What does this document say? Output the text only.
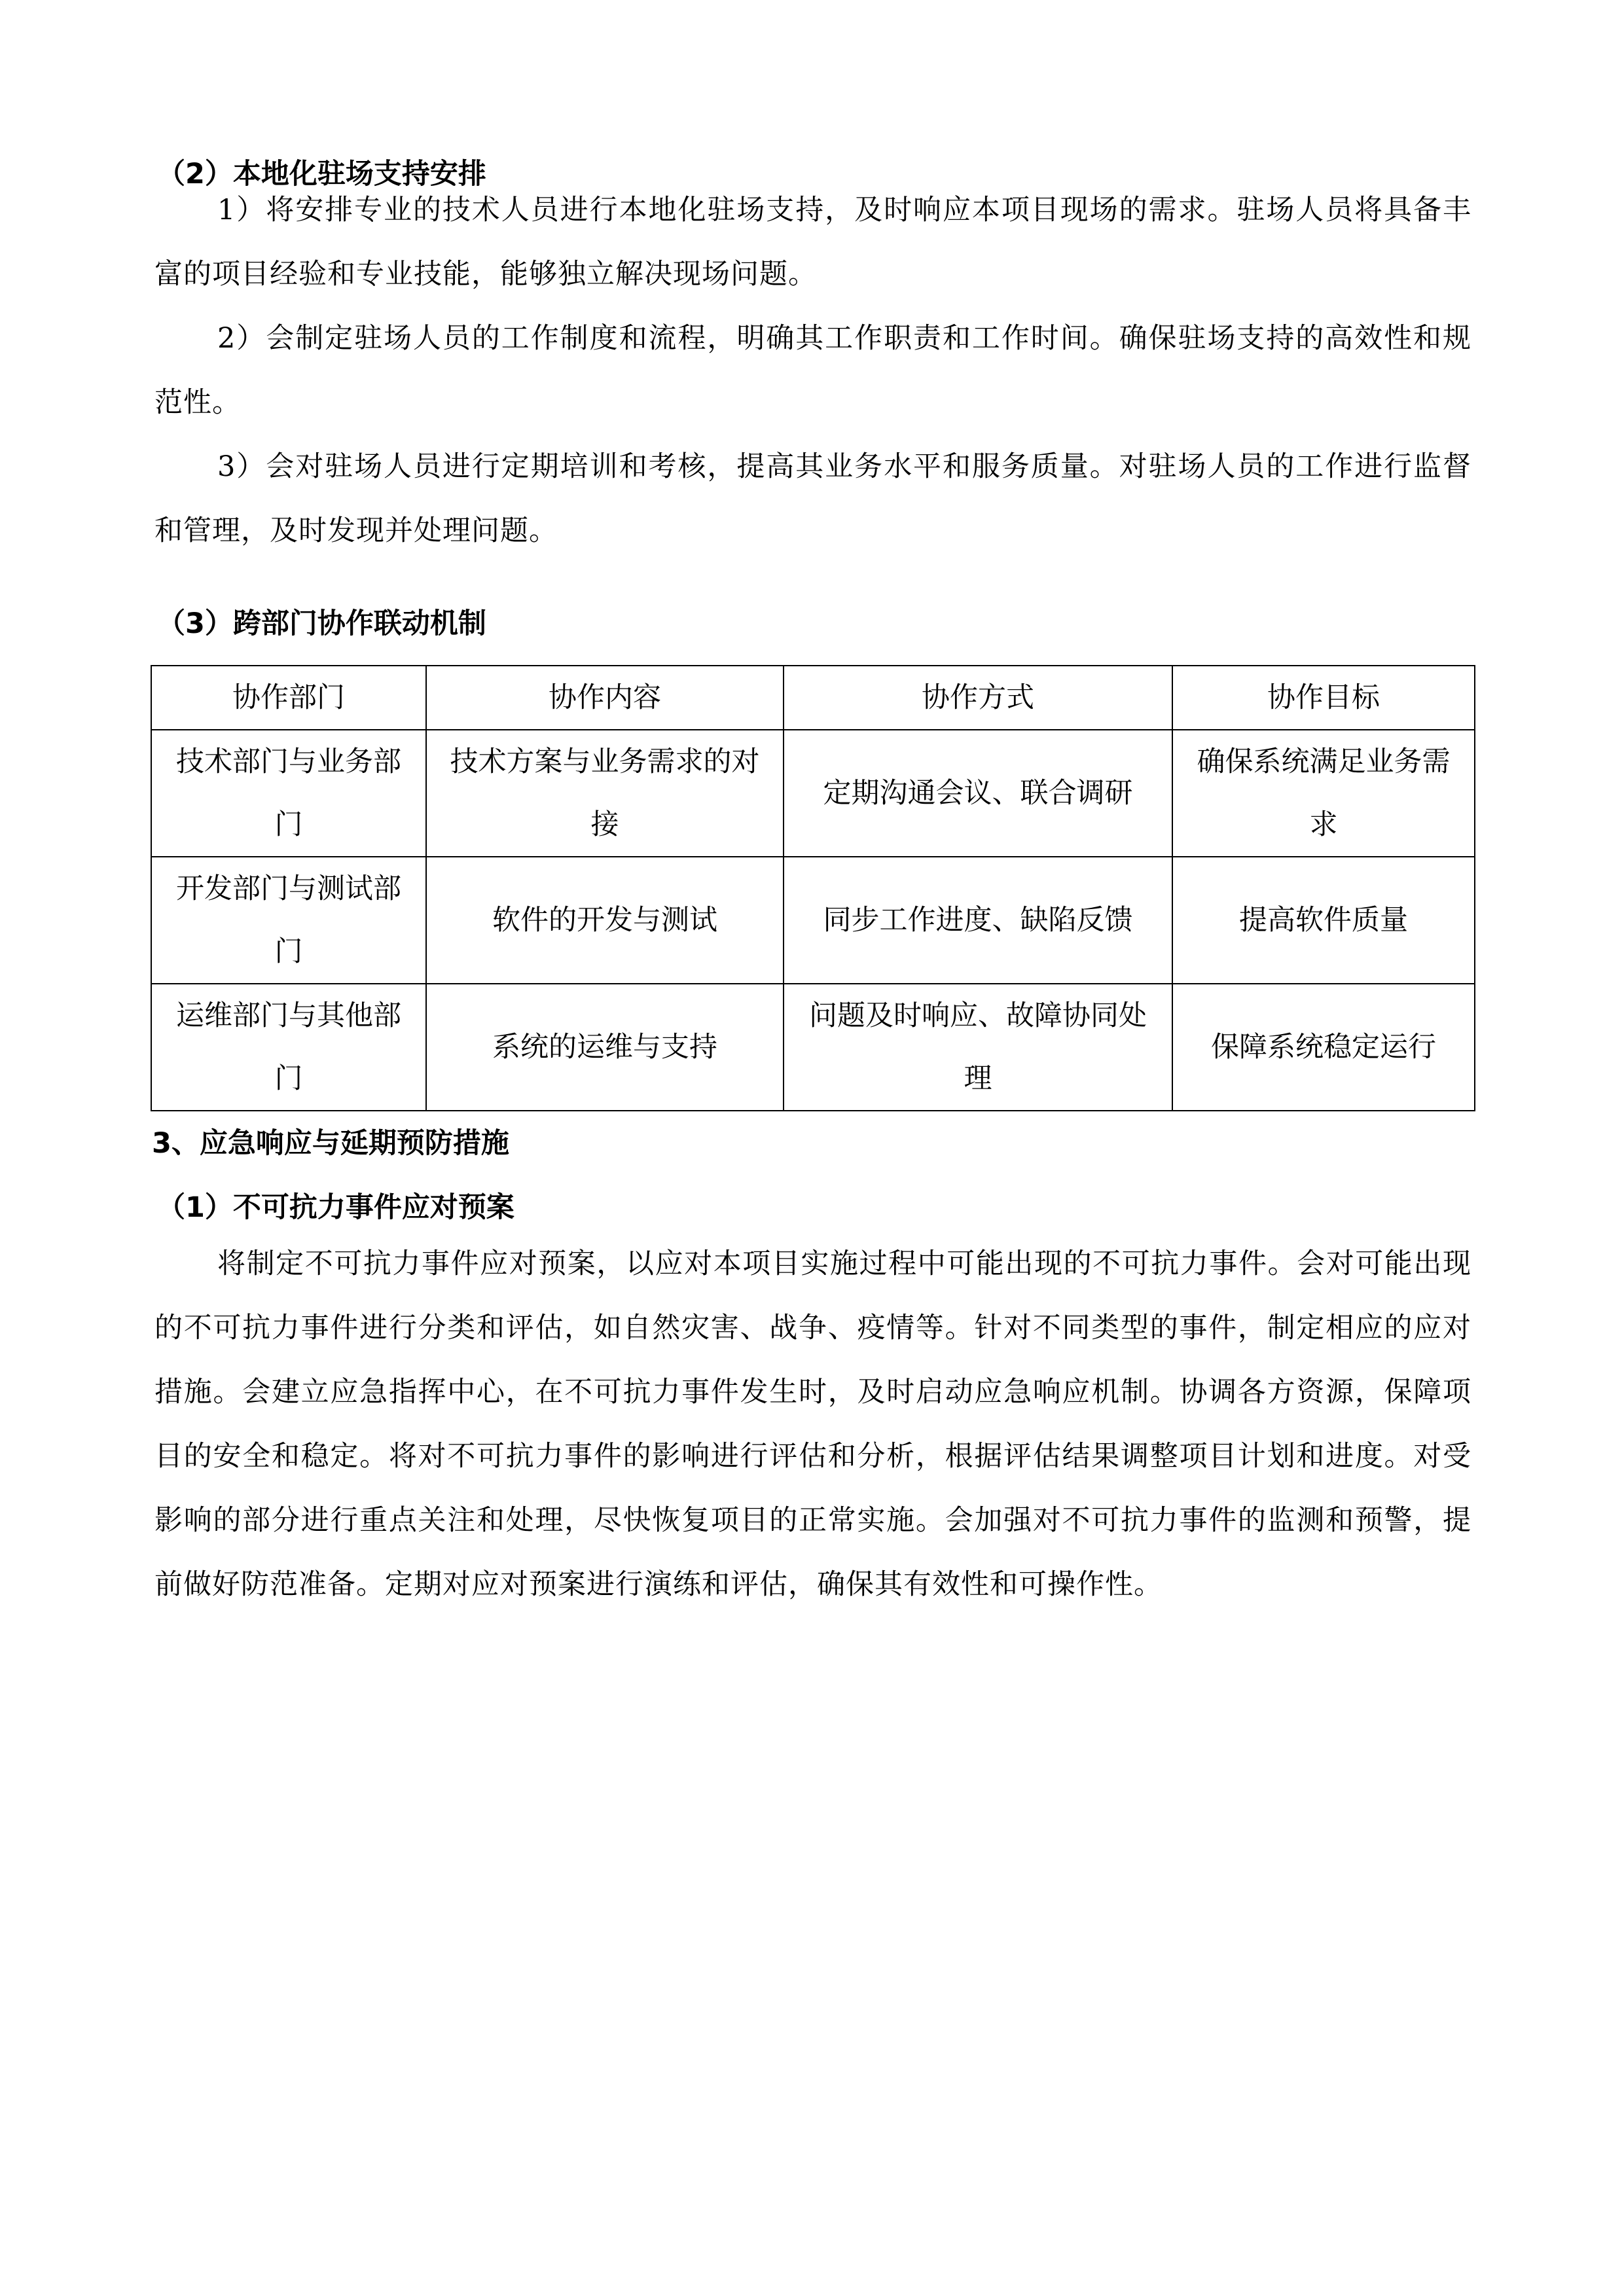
（2）本地化驻场支持安排

1）将安排专业的技术人员进行本地化驻场支持，及时响应本项目现场的需求。驻场人员将具备丰富的项目经验和专业技能，能够独立解决现场问题。

2）会制定驻场人员的工作制度和流程，明确其工作职责和工作时间。确保驻场支持的高效性和规范性。

3）会对驻场人员进行定期培训和考核，提高其业务水平和服务质量。对驻场人员的工作进行监督和管理，及时发现并处理问题。

（3）跨部门协作联动机制
协作部门	协作内容	协作方式	协作目标
技术部门与业务部门	技术方案与业务需求的对接	定期沟通会议、联合调研	确保系统满足业务需求
开发部门与测试部门	软件的开发与测试	同步工作进度、缺陷反馈	提高软件质量
运维部门与其他部门	系统的运维与支持	问题及时响应、故障协同处理	保障系统稳定运行
3、应急响应与延期预防措施
（1）不可抗力事件应对预案

将制定不可抗力事件应对预案，以应对本项目实施过程中可能出现的不可抗力事件。会对可能出现的不可抗力事件进行分类和评估，如自然灾害、战争、疫情等。针对不同类型的事件，制定相应的应对措施。会建立应急指挥中心，在不可抗力事件发生时，及时启动应急响应机制。协调各方资源，保障项目的安全和稳定。将对不可抗力事件的影响进行评估和分析，根据评估结果调整项目计划和进度。对受影响的部分进行重点关注和处理，尽快恢复项目的正常实施。会加强对不可抗力事件的监测和预警，提前做好防范准备。定期对应对预案进行演练和评估，确保其有效性和可操作性。
